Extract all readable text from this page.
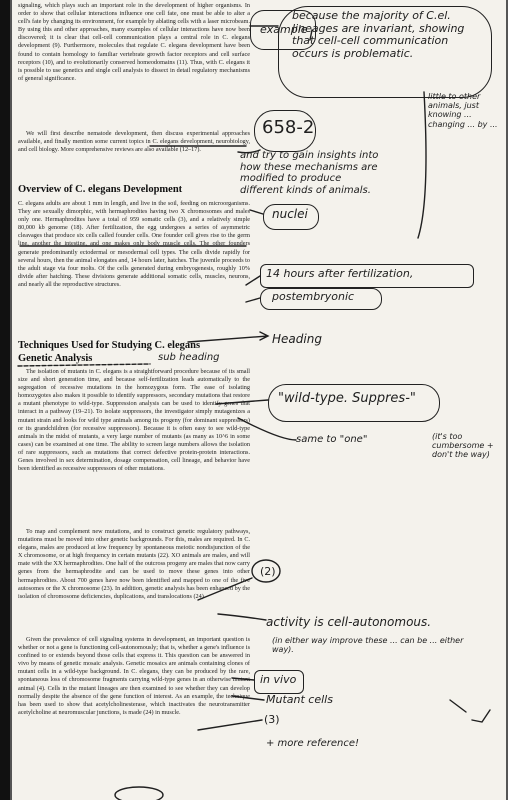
signaling, which plays such an important role in the development of higher organisms. In order to show that cellular interactions influence one cell fate, one must be able to alter a cell's fate by changing its environment, for example by ablating cells with a laser microbeam. By using this and other approaches, many examples of cellular interactions have now been discovered; it is clear that cell-cell communication plays a central role in C. elegans development (9). Furthermore, molecules that regulate C. elegans development have been found to contain homology to familiar vertebrate growth factor receptors and cell surface receptors (10), and to evolutionarily conserved homeodomains (11). Thus, with C. elegans it is possible to use genetics and single cell analysis to dissect in detail regulatory mechanisms of general significance.

We will first describe nematode development, then discuss experimental approaches available, and finally mention some current topics in C. elegans development, neurobiology, and cell biology. More comprehensive reviews are also available (12–17).

Overview of C. elegans Development

C. elegans adults are about 1 mm in length, and live in the soil, feeding on microorganisms. They are sexually dimorphic, with hermaphrodites having two X chromosomes and males only one. Hermaphrodites have a total of 959 somatic cells (3), and a relatively simple 80,000 kb genome (18). After fertilization, the egg undergoes a series of asymmetric cleavages that produce six cells called founder cells. One founder cell gives rise to the germ line, another the intestine, and one makes only body muscle cells. The other founders generate predominantly ectodermal or mesodermal cell types. The cells divide rapidly for several hours, then the animal elongates and, 14 hours later, hatches. The juvenile proceeds to the adult stage via four molts. Of the cells generated during embryogenesis, roughly 10% divide after hatching. These divisions generate additional somatic cells, muscles, neurons, and nearly all the reproductive structures.

Techniques Used for Studying C. elegans

Genetic Analysis

The isolation of mutants in C. elegans is a straightforward procedure because of its small size and short generation time, and because self-fertilization leads automatically to the segregation of recessive mutations in the homozygous form. The ease of isolating homozygotes also makes it possible to identify suppressors, secondary mutations that restore a mutant phenotype to wild-type. Suppression analysis can be used to identify genes that interact in a pathway (19–21). To isolate suppressors, the investigator simply mutagenizes a mutant strain and looks for wild type animals among its progeny (for dominant suppressors) or its grandchildren (for recessive suppressors). Because it is often easy to see wild-type animals in the midst of mutants, a very large number of mutants (as many as 10^6 in some cases) can be examined at one time. The ability to screen large numbers allows the isolation of rare suppressors, such as mutations that correct defective protein-protein interactions. Genes involved in sex determination, dosage compensation, cell lineage, and behavior have been identified as recessive suppressors of other mutations.

To map and complement new mutations, and to construct genetic regulatory pathways, mutations must be moved into other genetic backgrounds. For this, males are required. In C. elegans, males are produced at low frequency by spontaneous meiotic nondisjunction of the X chromosome, or at high frequency in certain mutants (22). XO animals are males, and will mate with the XX hermaphrodites. One half of the outcross progeny are males that now carry genes from the hermaphrodite and can be used to move these genes into other hermaphrodites. About 700 genes have now been identified and mapped to one of the five autosomes or the X chromosome (23). In addition, genetic analysis has been enhanced by the isolation of chromosome deficiencies, duplications, and translocations (24).

Given the prevalence of cell signaling systems in development, an important question is whether or not a gene is functioning cell-autonomously; that is, whether a gene's influence is confined to or extends beyond those cells that express it. This question can be answered in vivo by means of genetic mosaic analysis. Genetic mosaics are animals containing clones of mutant cells in a wild-type background. In C. elegans, they can be produced by the rare, spontaneous loss of chromosome fragments carrying wild-type genes in an otherwise mutant animal (4). Cells in the mutant lineages are then examined to see whether they can develop normally despite the absence of the gene function of interest. As an example, the technique has been used to show that acetylcholinesterase, which inactivates the neurotransmitter acetylcholine at neuromuscular junctions, is made (24) in muscle.

example

because the majority of C.el. lineages are invariant, showing that cell-cell communication occurs is problematic.

and try to gain insights into how these mechanisms are modified to produce different kinds of animals.

658-2

little to other animals, just knowing ... changing ... by ...

nuclei

14 hours after fertilization,

postembryonic

Heading

sub heading

"wild-type. Suppres-"

same to "one"	(it's too cumbersome + don't the way)

(2)

activity is cell-autonomous.

(in either way improve these ... can be ... either way).

in vivo

Mutant cells

(3)

+ more reference!
